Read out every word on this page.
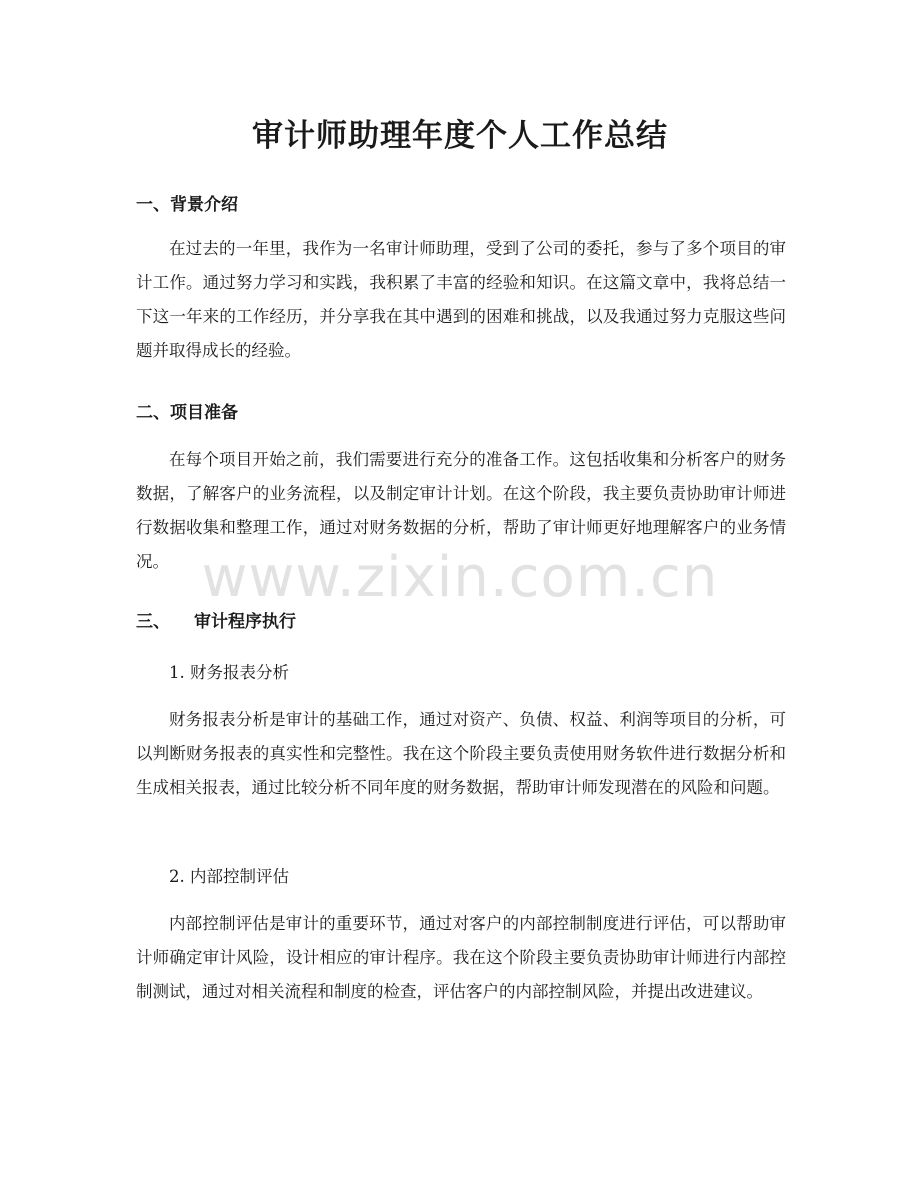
审计师助理年度个人工作总结
一、背景介绍

在过去的一年里，我作为一名审计师助理，受到了公司的委托，参与了多个项目的审计工作。通过努力学习和实践，我积累了丰富的经验和知识。在这篇文章中，我将总结一下这一年来的工作经历，并分享我在其中遇到的困难和挑战，以及我通过努力克服这些问题并取得成长的经验。

二、项目准备

在每个项目开始之前，我们需要进行充分的准备工作。这包括收集和分析客户的财务数据，了解客户的业务流程，以及制定审计计划。在这个阶段，我主要负责协助审计师进行数据收集和整理工作，通过对财务数据的分析，帮助了审计师更好地理解客户的业务情况。

三、 审计程序执行

1. 财务报表分析

财务报表分析是审计的基础工作，通过对资产、负债、权益、利润等项目的分析，可以判断财务报表的真实性和完整性。我在这个阶段主要负责使用财务软件进行数据分析和生成相关报表，通过比较分析不同年度的财务数据，帮助审计师发现潜在的风险和问题。

2. 内部控制评估

内部控制评估是审计的重要环节，通过对客户的内部控制制度进行评估，可以帮助审计师确定审计风险，设计相应的审计程序。我在这个阶段主要负责协助审计师进行内部控制测试，通过对相关流程和制度的检查，评估客户的内部控制风险，并提出改进建议。

www.zixin.com.cn
